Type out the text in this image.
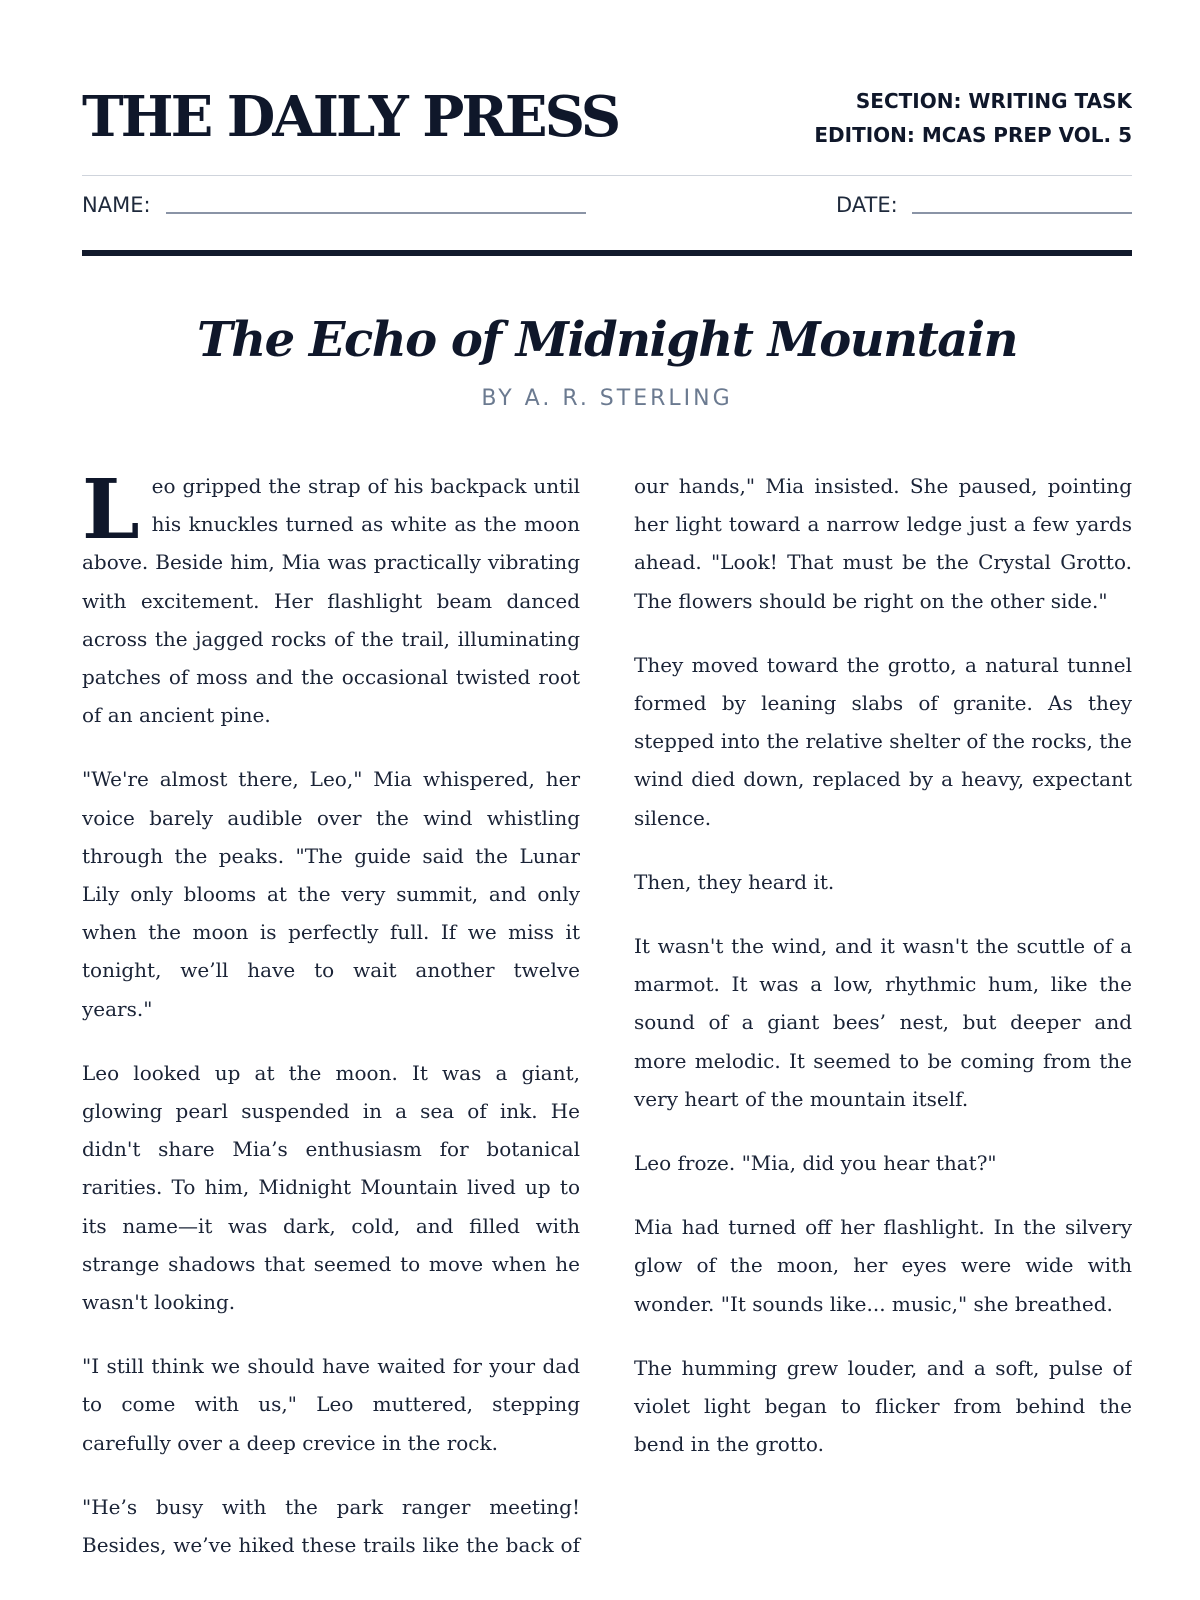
THE DAILY PRESS	SECTION: WRITING TASK
EDITION: MCAS PREP VOL. 5
NAME:	DATE:
The Echo of Midnight Mountain
BY A. R. STERLING

Leo gripped the strap of his backpack until his knuckles turned as white as the moon above. Beside him, Mia was practically vibrating with excitement. Her flashlight beam danced across the jagged rocks of the trail, illuminating patches of moss and the occasional twisted root of an ancient pine.

"We're almost there, Leo," Mia whispered, her voice barely audible over the wind whistling through the peaks. "The guide said the Lunar Lily only blooms at the very summit, and only when the moon is perfectly full. If we miss it tonight, we’ll have to wait another twelve years."

Leo looked up at the moon. It was a giant, glowing pearl suspended in a sea of ink. He didn't share Mia’s enthusiasm for botanical rarities. To him, Midnight Mountain lived up to its name—it was dark, cold, and filled with strange shadows that seemed to move when he wasn't looking.

"I still think we should have waited for your dad to come with us," Leo muttered, stepping carefully over a deep crevice in the rock.

"He’s busy with the park ranger meeting! Besides, we’ve hiked these trails like the back of our hands," Mia insisted. She paused, pointing her light toward a narrow ledge just a few yards ahead. "Look! That must be the Crystal Grotto. The flowers should be right on the other side."

They moved toward the grotto, a natural tunnel formed by leaning slabs of granite. As they stepped into the relative shelter of the rocks, the wind died down, replaced by a heavy, expectant silence.

Then, they heard it.

It wasn't the wind, and it wasn't the scuttle of a marmot. It was a low, rhythmic hum, like the sound of a giant bees’ nest, but deeper and more melodic. It seemed to be coming from the very heart of the mountain itself.

Leo froze. "Mia, did you hear that?"

Mia had turned off her flashlight. In the silvery glow of the moon, her eyes were wide with wonder. "It sounds like... music," she breathed.

The humming grew louder, and a soft, pulse of violet light began to flicker from behind the bend in the grotto.
